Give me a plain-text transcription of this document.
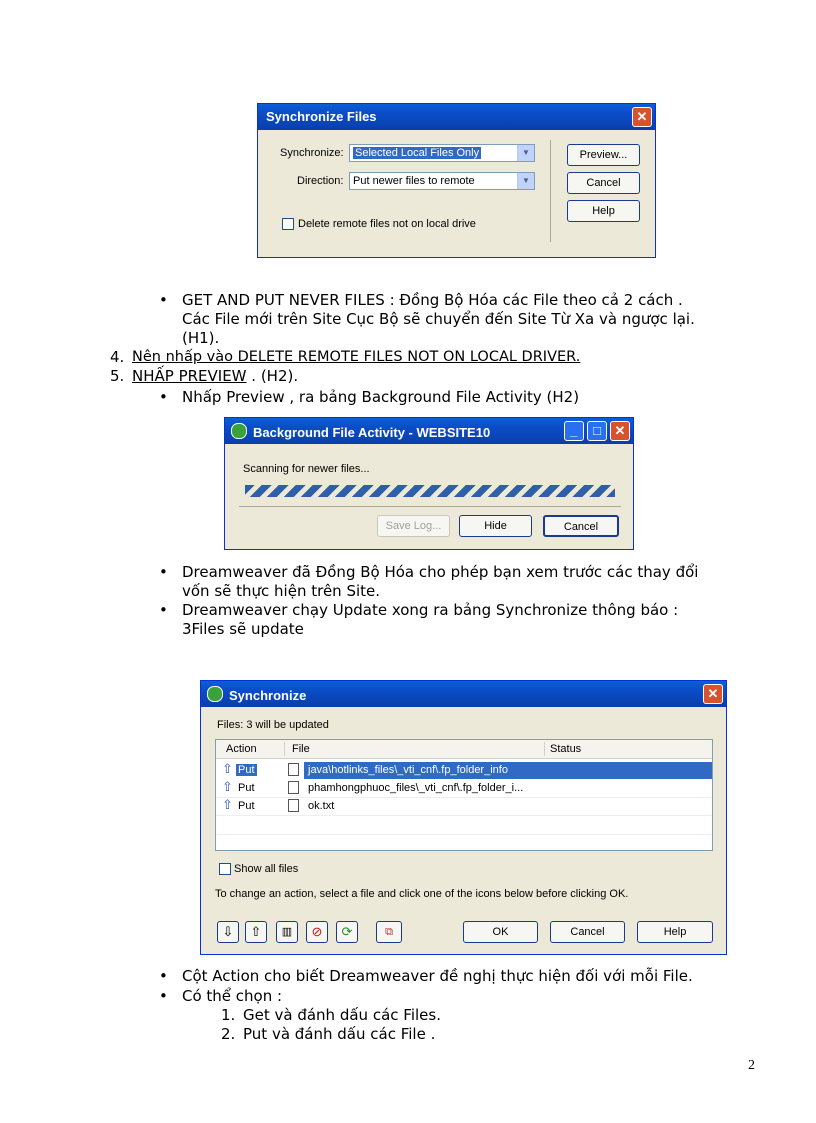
Synchronize Files	✕
Synchronize:	Selected Local Files Only	▼
Direction: Put newer files to remote	▼
Delete remote files not on local drive
Preview...
Cancel
Help
• GET AND PUT NEVER FILES : Đồng Bộ Hóa các File theo cả 2 cách .
Các File mới trên Site Cục Bộ sẽ chuyển đến Site Từ Xa và ngược lại.
(H1).
4. Nên nhấp vào DELETE REMOTE FILES NOT ON LOCAL DRIVER.
5. NHẤP PREVIEW . (H2).
• Nhấp Preview , ra bảng Background File Activity (H2)
Background File Activity - WEBSITE10	_	□	✕
Scanning for newer files...
Save Log...	Hide	Cancel
• Dreamweaver đã Đồng Bộ Hóa cho phép bạn xem trước các thay đổi
vốn sẽ thực hiện trên Site.
• Dreamweaver chạy Update xong ra bảng Synchronize thông báo :
3Files sẽ update
Synchronize	✕
Files: 3 will be updated
Action	File	Status
⇧ Put	java\hotlinks_files\_vti_cnf\.fp_folder_info
⇧ Put	phamhongphuoc_files\_vti_cnf\.fp_folder_i...
⇧ Put	ok.txt
Show all files
To change an action, select a file and click one of the icons below before clicking OK.
⇩	⇧	▥	⊘	⟳	⧉	OK	Cancel	Help
• Cột Action cho biết Dreamweaver đề nghị thực hiện đối với mỗi File.
• Có thể chọn :
1. Get và đánh dấu các Files.
2. Put và đánh dấu các File .
2
